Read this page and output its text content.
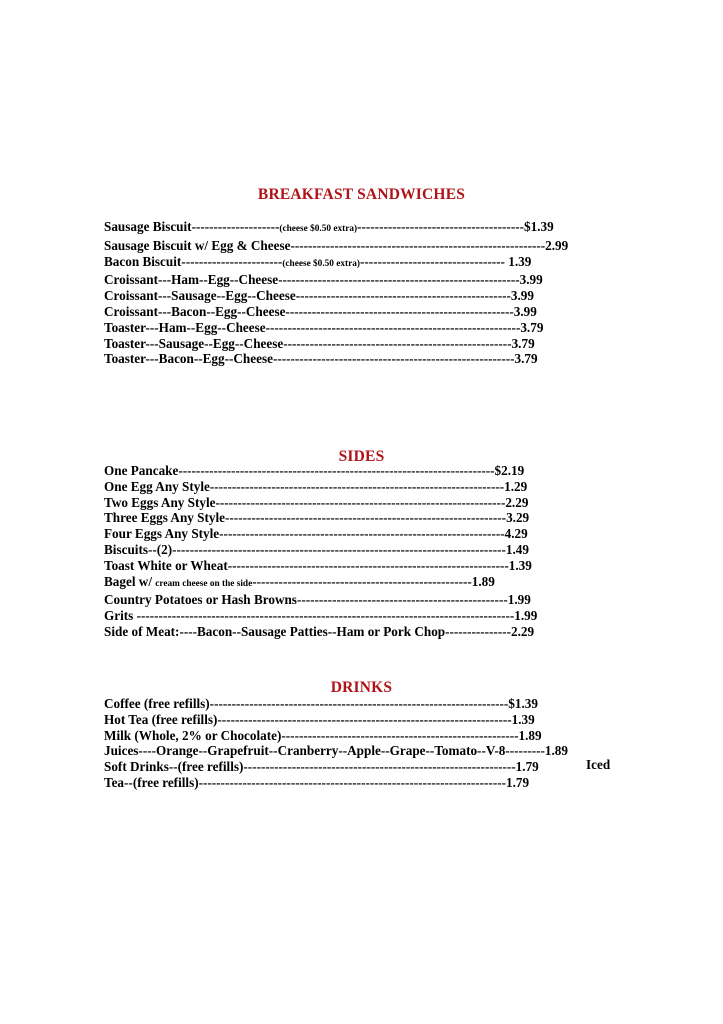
BREAKFAST SANDWICHES
Sausage Biscuit--------------------(cheese $0.50 extra)--------------------------------------$1.39
Sausage Biscuit w/ Egg & Cheese----------------------------------------------------------2.99
Bacon Biscuit-----------------------(cheese $0.50 extra)--------------------------------- 1.39
Croissant---Ham--Egg--Cheese-------------------------------------------------------3.99
Croissant---Sausage--Egg--Cheese-------------------------------------------------3.99
Croissant---Bacon--Egg--Cheese----------------------------------------------------3.99
Toaster---Ham--Egg--Cheese----------------------------------------------------------3.79
Toaster---Sausage--Egg--Cheese----------------------------------------------------3.79
Toaster---Bacon--Egg--Cheese-------------------------------------------------------3.79
SIDES
One Pancake------------------------------------------------------------------------$2.19
One Egg Any Style-------------------------------------------------------------------1.29
Two Eggs Any Style------------------------------------------------------------------2.29
Three Eggs Any Style----------------------------------------------------------------3.29
Four Eggs Any Style-----------------------------------------------------------------4.29
Biscuits--(2)----------------------------------------------------------------------------1.49
Toast White or Wheat----------------------------------------------------------------1.39
Bagel w/ cream cheese on the side--------------------------------------------------1.89
Country Potatoes or Hash Browns------------------------------------------------1.99
Grits --------------------------------------------------------------------------------------1.99
Side of Meat:----Bacon--Sausage Patties--Ham or Pork Chop---------------2.29
DRINKS
Coffee (free refills)--------------------------------------------------------------------$1.39
Hot Tea (free refills)-------------------------------------------------------------------1.39
Milk (Whole, 2% or Chocolate)------------------------------------------------------1.89
Juices----Orange--Grapefruit--Cranberry--Apple--Grape--Tomato--V-8---------1.89
Soft Drinks--(free refills)--------------------------------------------------------------1.79
Tea--(free refills)----------------------------------------------------------------------1.79
Iced
